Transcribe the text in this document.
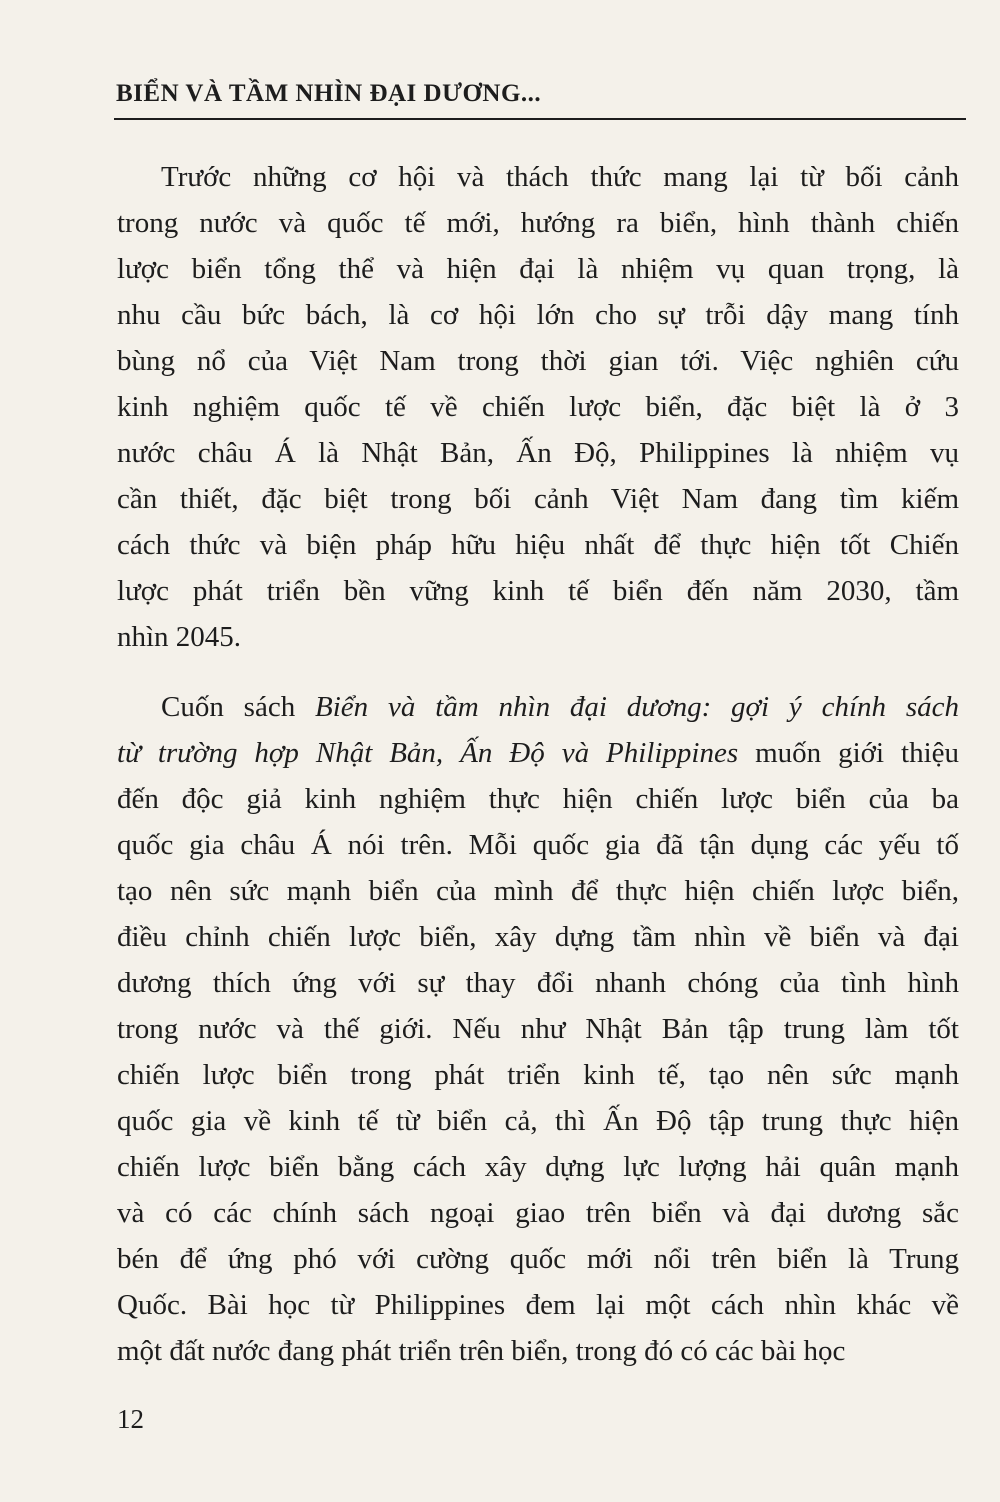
BIỂN VÀ TẦM NHÌN ĐẠI DƯƠNG...
Trước những cơ hội và thách thức mang lại từ bối cảnh
trong nước và quốc tế mới, hướng ra biển, hình thành chiến
lược biển tổng thể và hiện đại là nhiệm vụ quan trọng, là
nhu cầu bức bách, là cơ hội lớn cho sự trỗi dậy mang tính
bùng nổ của Việt Nam trong thời gian tới. Việc nghiên cứu
kinh nghiệm quốc tế về chiến lược biển, đặc biệt là ở 3
nước châu Á là Nhật Bản, Ấn Độ, Philippines là nhiệm vụ
cần thiết, đặc biệt trong bối cảnh Việt Nam đang tìm kiếm
cách thức và biện pháp hữu hiệu nhất để thực hiện tốt Chiến
lược phát triển bền vững kinh tế biển đến năm 2030, tầm
nhìn 2045.
Cuốn sách Biển và tầm nhìn đại dương: gợi ý chính sách
từ trường hợp Nhật Bản, Ấn Độ và Philippines muốn giới thiệu
đến độc giả kinh nghiệm thực hiện chiến lược biển của ba
quốc gia châu Á nói trên. Mỗi quốc gia đã tận dụng các yếu tố
tạo nên sức mạnh biển của mình để thực hiện chiến lược biển,
điều chỉnh chiến lược biển, xây dựng tầm nhìn về biển và đại
dương thích ứng với sự thay đổi nhanh chóng của tình hình
trong nước và thế giới. Nếu như Nhật Bản tập trung làm tốt
chiến lược biển trong phát triển kinh tế, tạo nên sức mạnh
quốc gia về kinh tế từ biển cả, thì Ấn Độ tập trung thực hiện
chiến lược biển bằng cách xây dựng lực lượng hải quân mạnh
và có các chính sách ngoại giao trên biển và đại dương sắc
bén để ứng phó với cường quốc mới nổi trên biển là Trung
Quốc. Bài học từ Philippines đem lại một cách nhìn khác về
một đất nước đang phát triển trên biển, trong đó có các bài học
12
